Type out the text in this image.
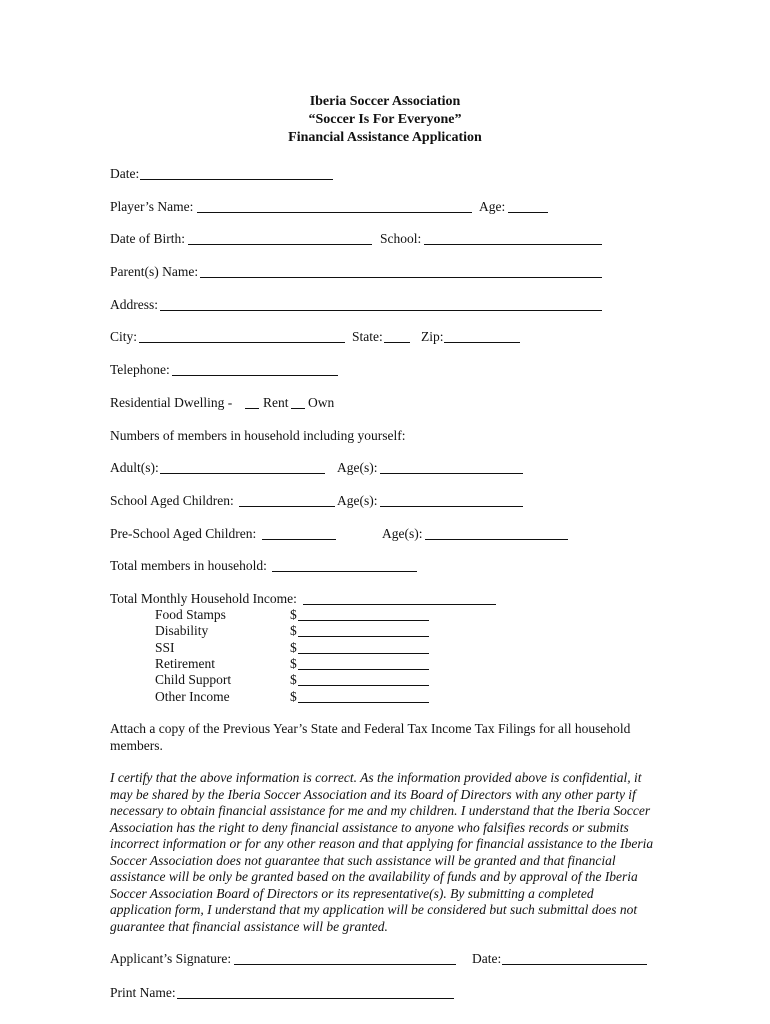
Iberia Soccer Association
“Soccer Is For Everyone”
Financial Assistance Application
Date:
Player’s Name:	Age:
Date of Birth:	School:
Parent(s) Name:
Address:
City:	State:	Zip:
Telephone:
Residential Dwelling - Rent Own
Numbers of members in household including yourself:
Adult(s):	Age(s):
School Aged Children:	Age(s):
Pre-School Aged Children:	Age(s):
Total members in household:
Total Monthly Household Income:
Food Stamps	$
Disability	$
SSI	$
Retirement	$
Child Support	$
Other Income	$
Attach a copy of the Previous Year’s State and Federal Tax Income Tax Filings for all household members.
I certify that the above information is correct. As the information provided above is confidential, it may be shared by the Iberia Soccer Association and its Board of Directors with any other party if necessary to obtain financial assistance for me and my children. I understand that the Iberia Soccer Association has the right to deny financial assistance to anyone who falsifies records or submits incorrect information or for any other reason and that applying for financial assistance to the Iberia Soccer Association does not guarantee that such assistance will be granted and that financial assistance will be only be granted based on the availability of funds and by approval of the Iberia Soccer Association Board of Directors or its representative(s). By submitting a completed application form, I understand that my application will be considered but such submittal does not guarantee that financial assistance will be granted.
Applicant’s Signature:	Date:
Print Name:
